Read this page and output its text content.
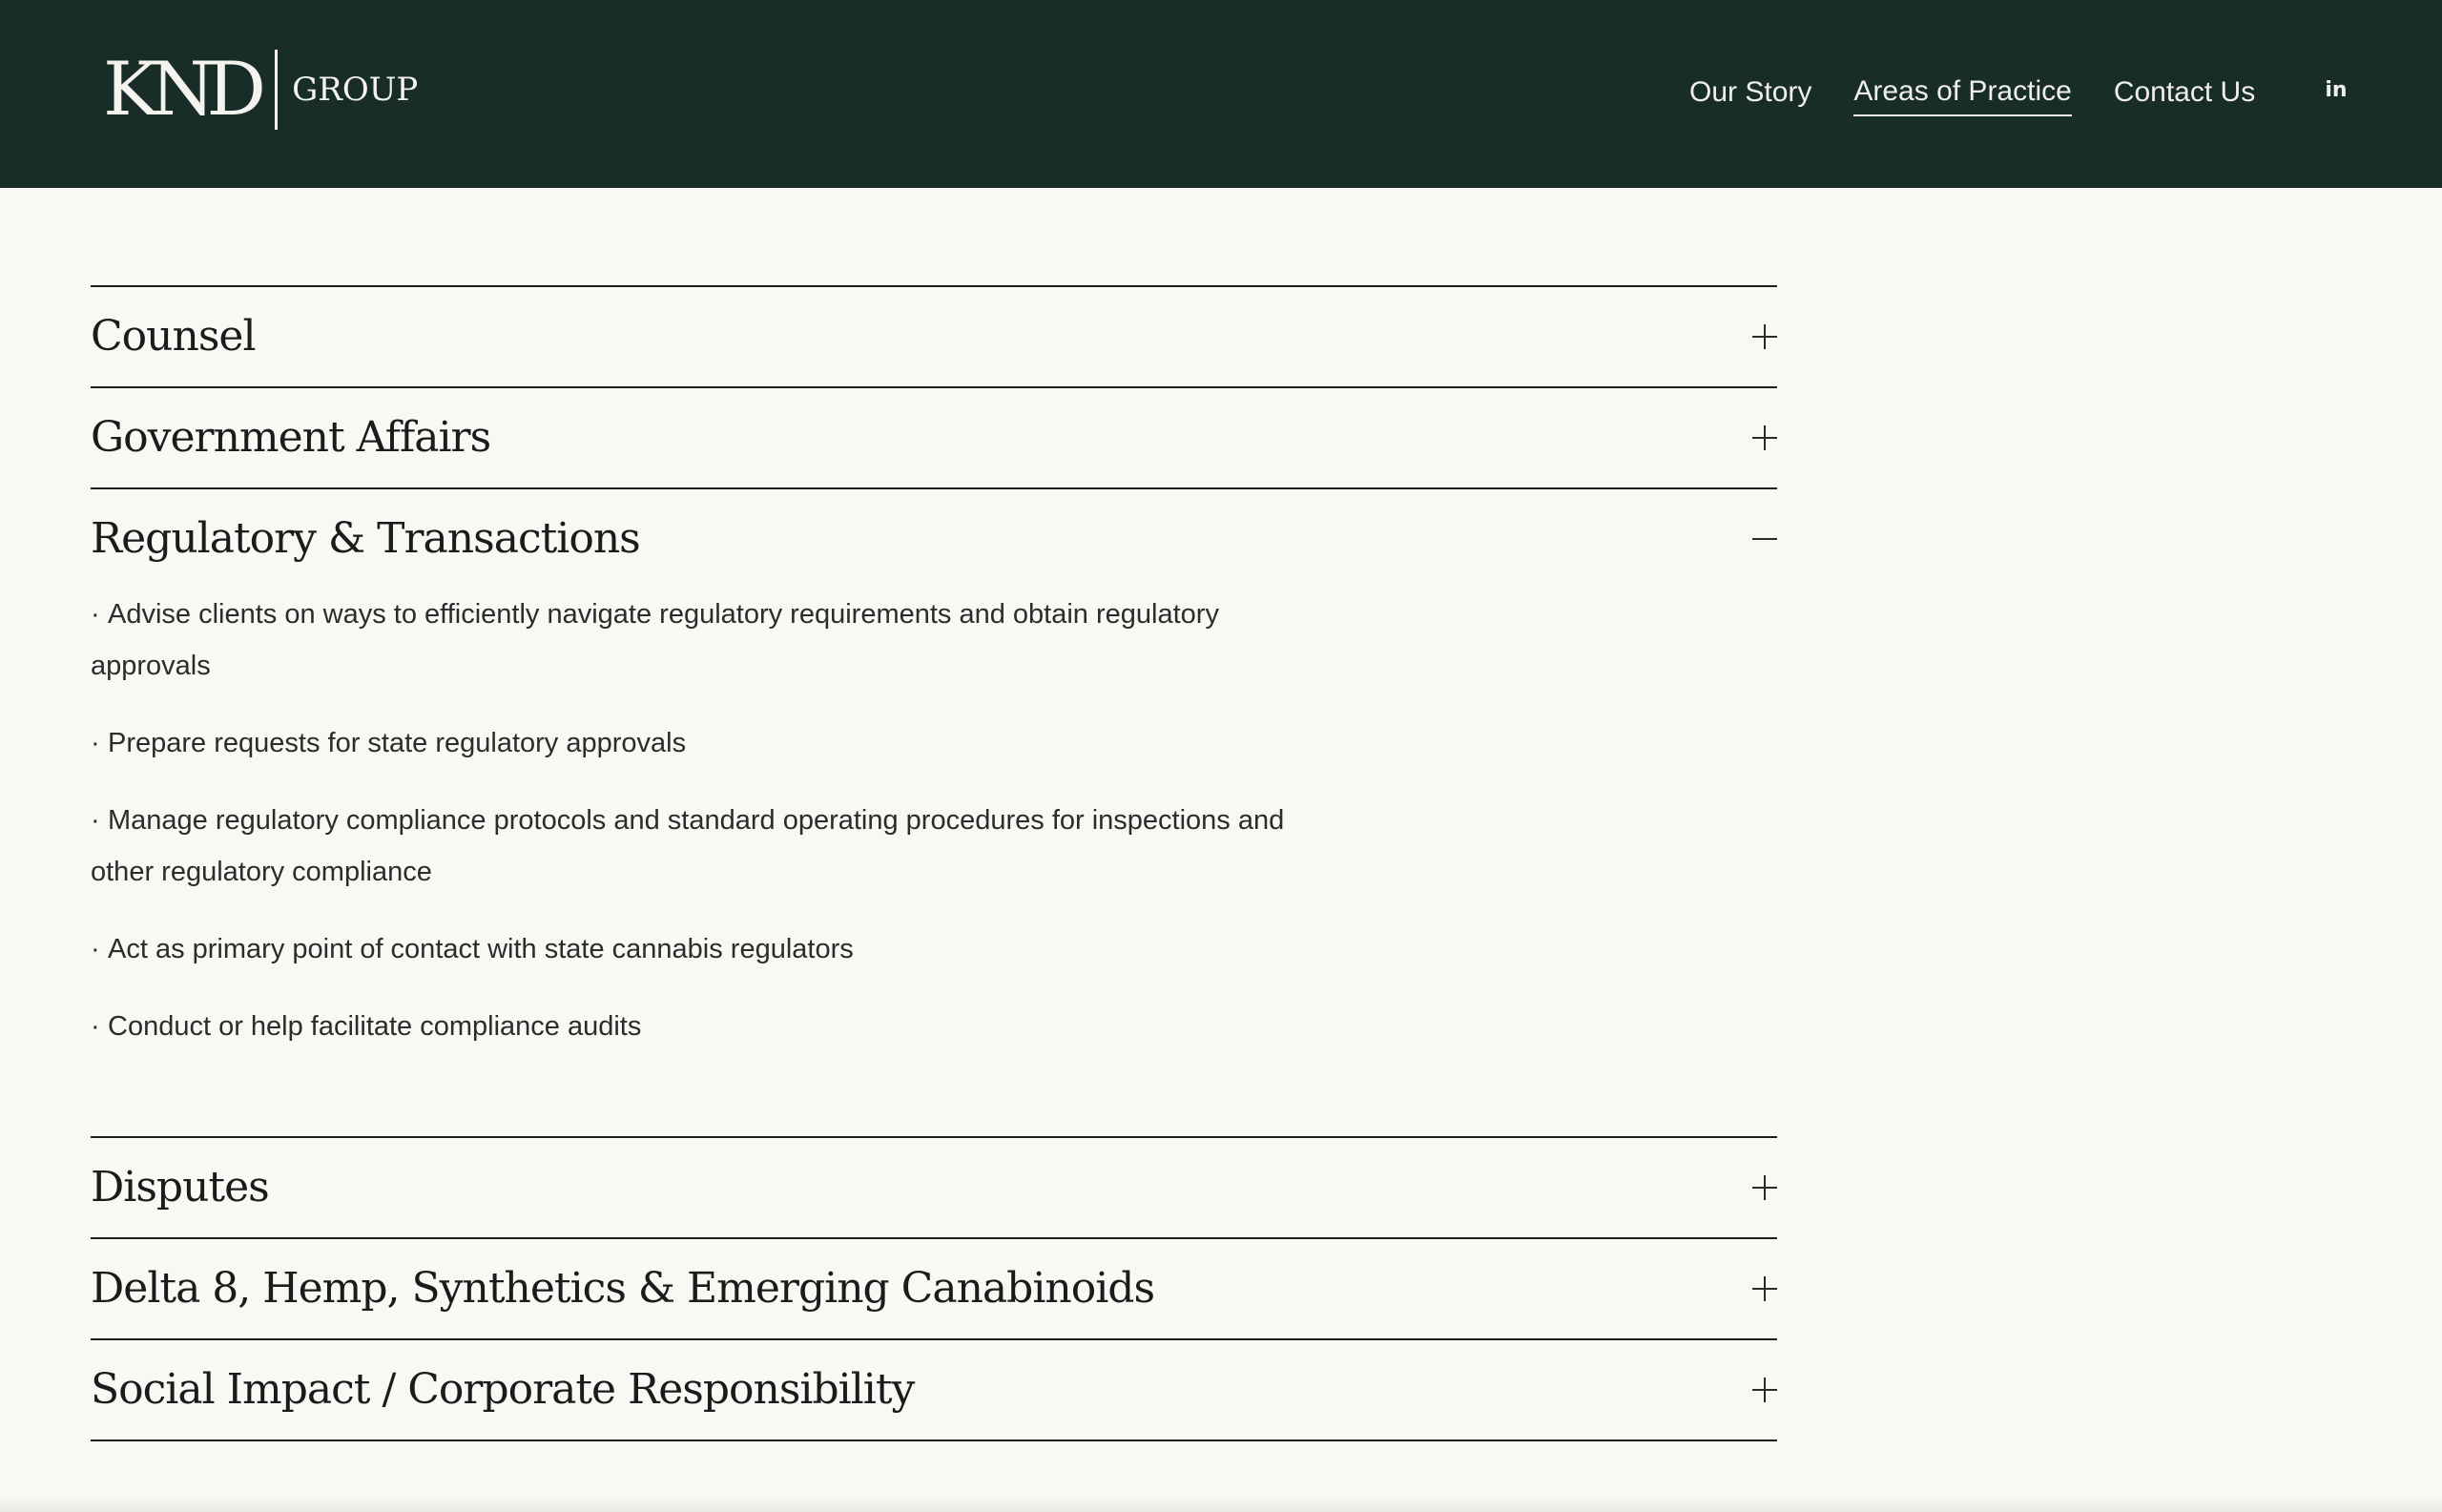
KND GROUP	Our Story Areas of Practice Contact Us	in
Counsel
Government Affairs
Regulatory & Transactions
· Advise clients on ways to efficiently navigate regulatory requirements and obtain regulatory approvals
· Prepare requests for state regulatory approvals
· Manage regulatory compliance protocols and standard operating procedures for inspections and other regulatory compliance
· Act as primary point of contact with state cannabis regulators
· Conduct or help facilitate compliance audits
Disputes
Delta 8, Hemp, Synthetics & Emerging Canabinoids
Social Impact / Corporate Responsibility
